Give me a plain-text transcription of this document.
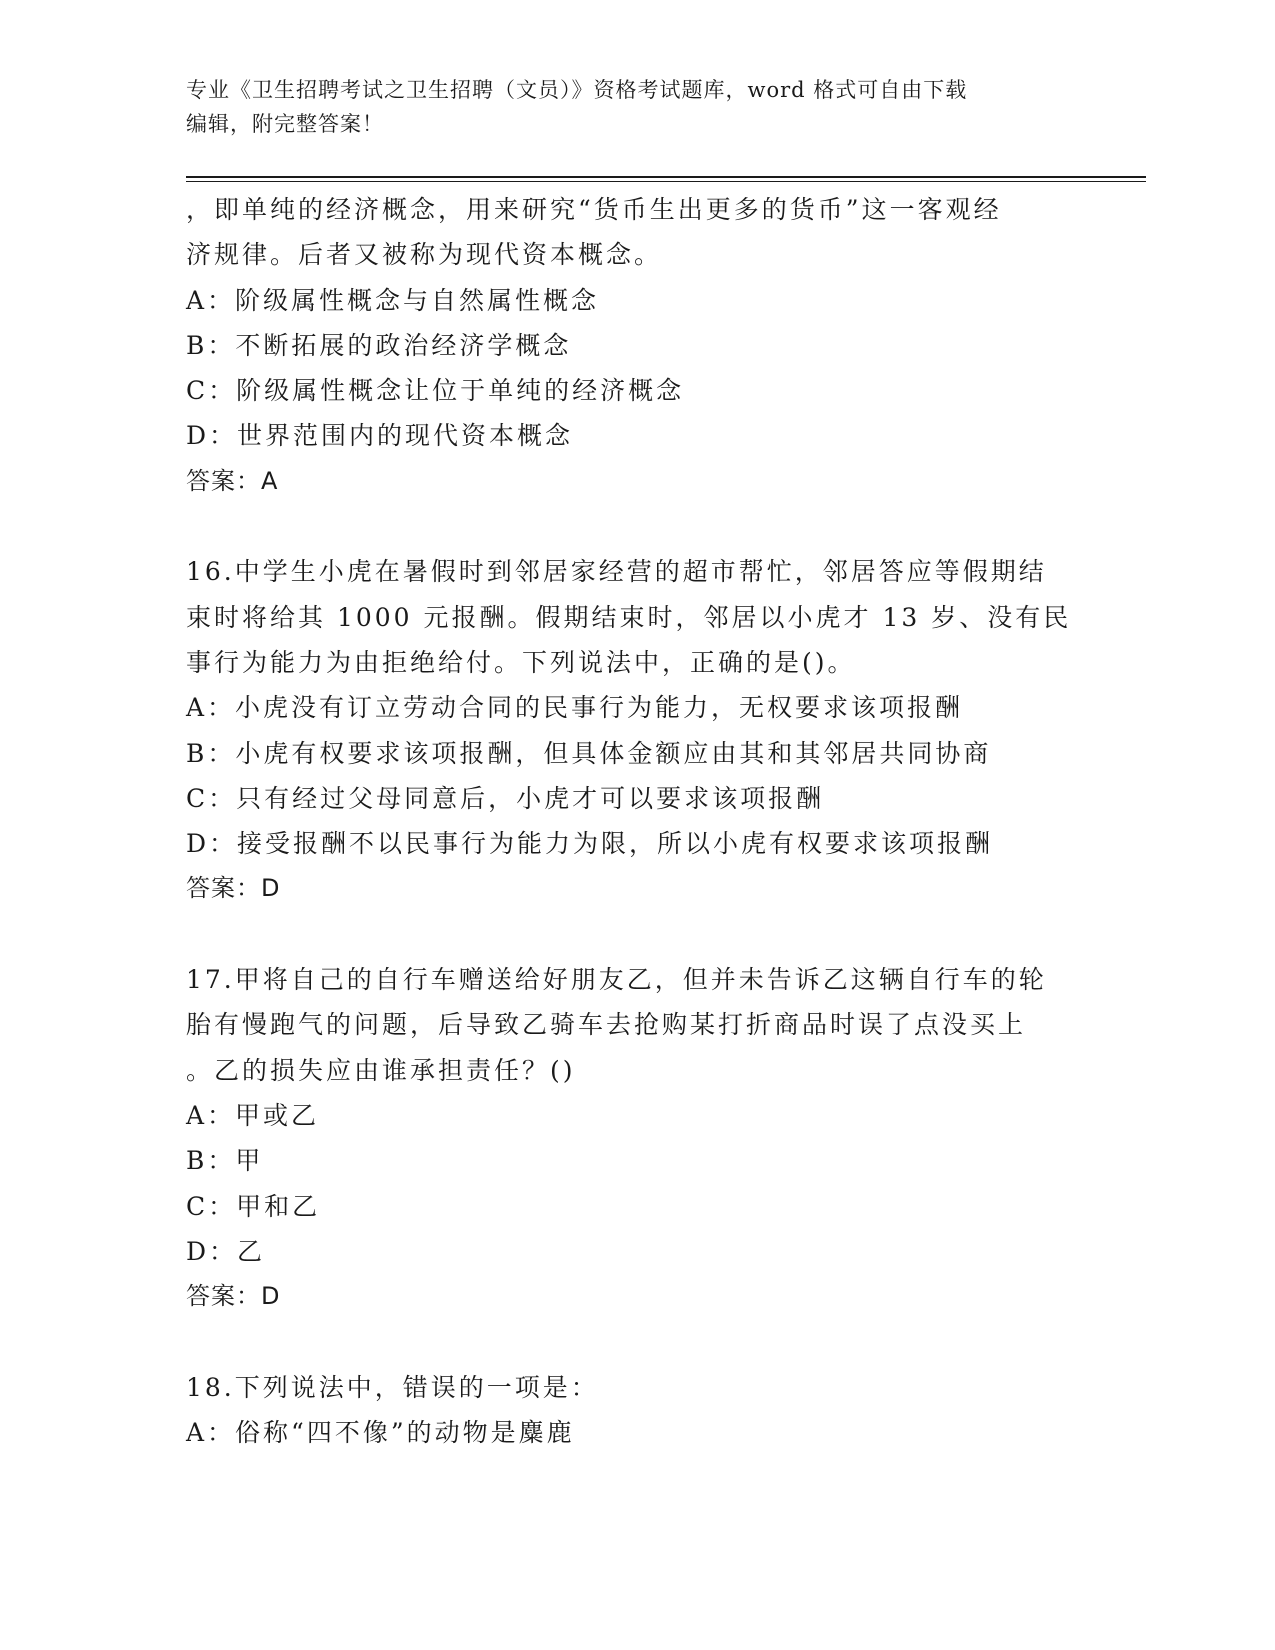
专业《卫生招聘考试之卫生招聘（文员）》资格考试题库，word 格式可自由下载
编辑，附完整答案！
，即单纯的经济概念，用来研究“货币生出更多的货币”这一客观经
济规律。后者又被称为现代资本概念。
A：阶级属性概念与自然属性概念
B：不断拓展的政治经济学概念
C：阶级属性概念让位于单纯的经济概念
D：世界范围内的现代资本概念
答案：A
16.中学生小虎在暑假时到邻居家经营的超市帮忙，邻居答应等假期结
束时将给其 1000 元报酬。假期结束时，邻居以小虎才 13 岁、没有民
事行为能力为由拒绝给付。下列说法中，正确的是()。
A：小虎没有订立劳动合同的民事行为能力，无权要求该项报酬
B：小虎有权要求该项报酬，但具体金额应由其和其邻居共同协商
C：只有经过父母同意后，小虎才可以要求该项报酬
D：接受报酬不以民事行为能力为限，所以小虎有权要求该项报酬
答案：D
17.甲将自己的自行车赠送给好朋友乙，但并未告诉乙这辆自行车的轮
胎有慢跑气的问题，后导致乙骑车去抢购某打折商品时误了点没买上
。乙的损失应由谁承担责任？()
A：甲或乙
B：甲
C：甲和乙
D：乙
答案：D
18.下列说法中，错误的一项是：
A：俗称“四不像”的动物是麋鹿
